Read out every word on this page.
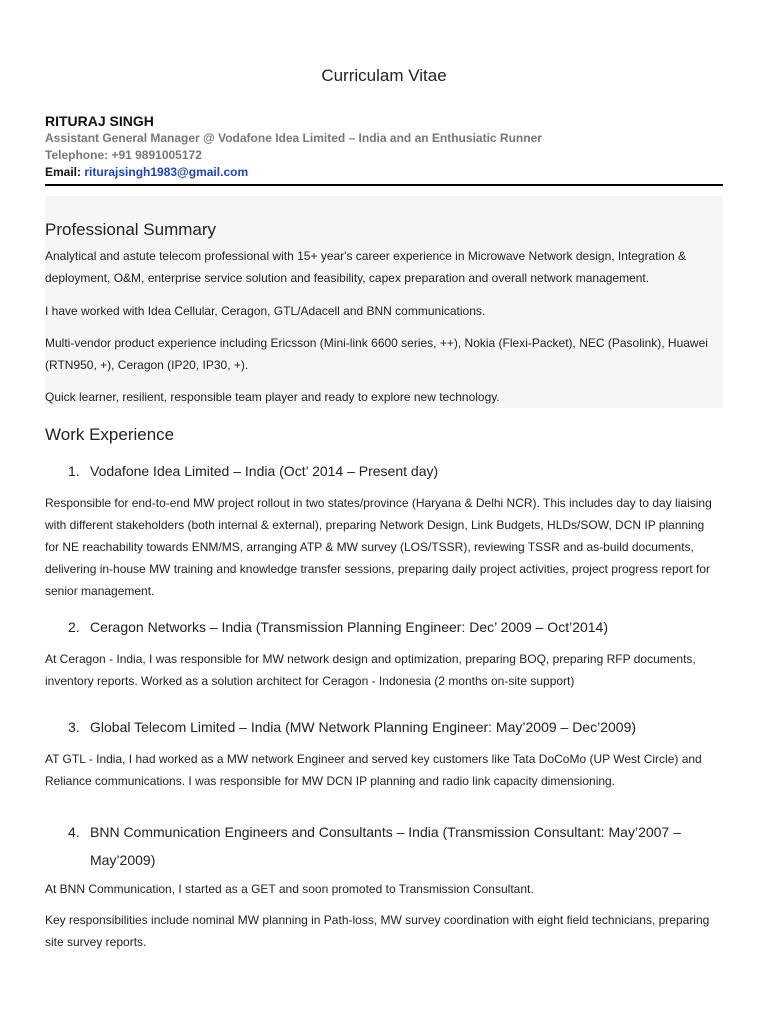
Curriculam Vitae
RITURAJ SINGH
Assistant General Manager @ Vodafone Idea Limited – India and an Enthusiatic Runner
Telephone: +91 9891005172
Email: riturajsingh1983@gmail.com
Professional Summary
Analytical and astute telecom professional with 15+ year's career experience in Microwave Network design, Integration & deployment, O&M, enterprise service solution and feasibility, capex preparation and overall network management.
I have worked with Idea Cellular, Ceragon, GTL/Adacell and BNN communications.
Multi-vendor product experience including Ericsson (Mini-link 6600 series, ++), Nokia (Flexi-Packet), NEC (Pasolink), Huawei (RTN950, +), Ceragon (IP20, IP30, +).
Quick learner, resilient, responsible team player and ready to explore new technology.
Work Experience
1. Vodafone Idea Limited – India (Oct’ 2014 – Present day)
Responsible for end-to-end MW project rollout in two states/province (Haryana & Delhi NCR). This includes day to day liaising with different stakeholders (both internal & external), preparing Network Design, Link Budgets, HLDs/SOW, DCN IP planning for NE reachability towards ENM/MS, arranging ATP & MW survey (LOS/TSSR), reviewing TSSR and as-build documents, delivering in-house MW training and knowledge transfer sessions, preparing daily project activities, project progress report for senior management.
2. Ceragon Networks – India (Transmission Planning Engineer: Dec’ 2009 – Oct’2014)
At Ceragon - India, I was responsible for MW network design and optimization, preparing BOQ, preparing RFP documents, inventory reports. Worked as a solution architect for Ceragon - Indonesia (2 months on-site support)
3. Global Telecom Limited – India (MW Network Planning Engineer: May’2009 – Dec’2009)
AT GTL - India, I had worked as a MW network Engineer and served key customers like Tata DoCoMo (UP West Circle) and Reliance communications. I was responsible for MW DCN IP planning and radio link capacity dimensioning.
4. BNN Communication Engineers and Consultants – India (Transmission Consultant: May’2007 – May’2009)
At BNN Communication, I started as a GET and soon promoted to Transmission Consultant.
Key responsibilities include nominal MW planning in Path-loss, MW survey coordination with eight field technicians, preparing site survey reports.
